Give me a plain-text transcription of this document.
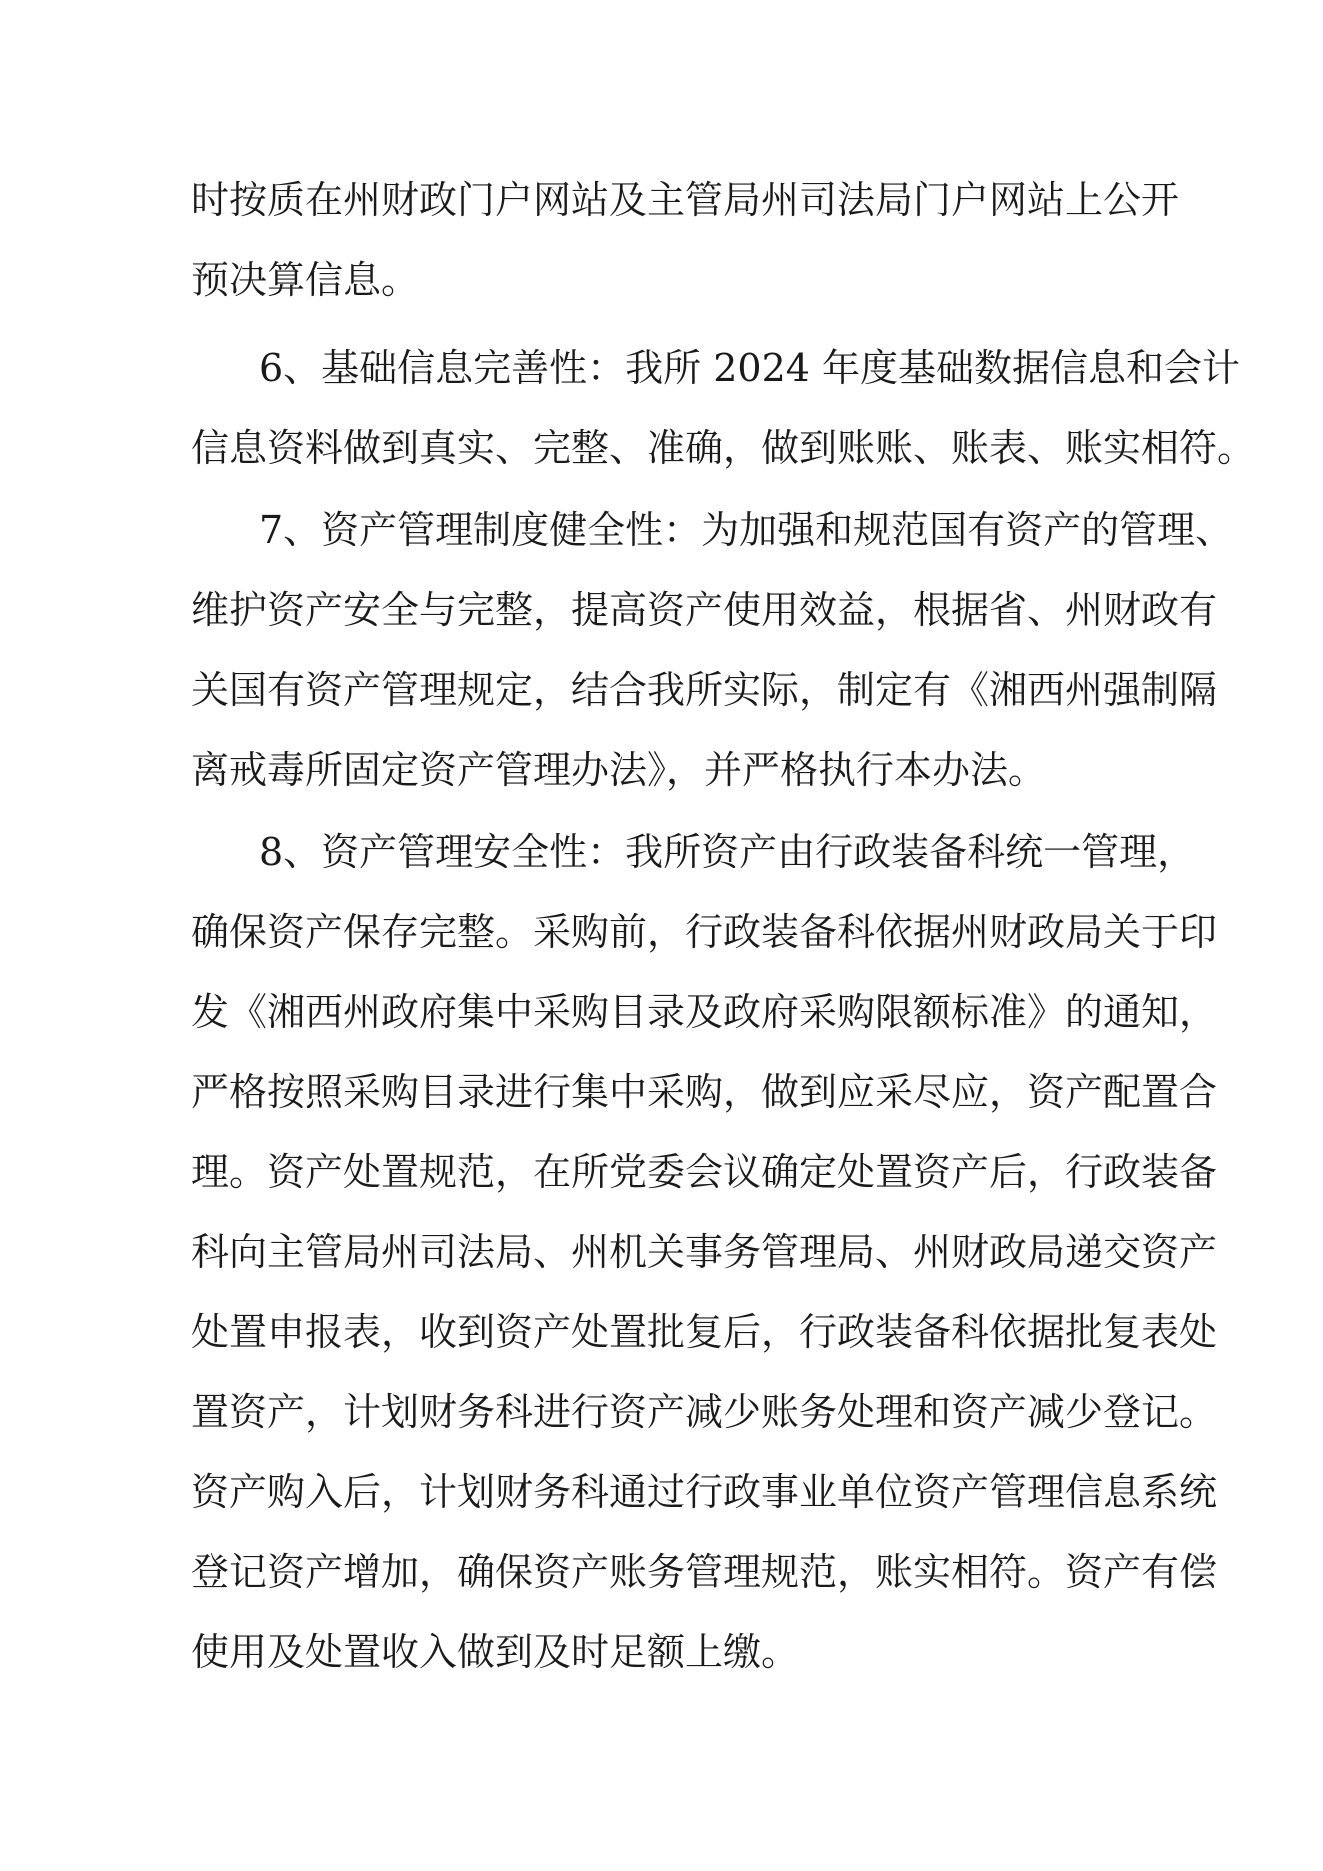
时按质在州财政门户网站及主管局州司法局门户网站上公开
预决算信息。
6、基础信息完善性：我所 2024 年度基础数据信息和会计
信息资料做到真实、完整、准确，做到账账、账表、账实相符。
7、资产管理制度健全性：为加强和规范国有资产的管理、
维护资产安全与完整，提高资产使用效益，根据省、州财政有
关国有资产管理规定，结合我所实际，制定有《湘西州强制隔
离戒毒所固定资产管理办法》，并严格执行本办法。
8、资产管理安全性：我所资产由行政装备科统一管理，
确保资产保存完整。采购前，行政装备科依据州财政局关于印
发《湘西州政府集中采购目录及政府采购限额标准》的通知，
严格按照采购目录进行集中采购，做到应采尽应，资产配置合
理。资产处置规范，在所党委会议确定处置资产后，行政装备
科向主管局州司法局、州机关事务管理局、州财政局递交资产
处置申报表，收到资产处置批复后，行政装备科依据批复表处
置资产，计划财务科进行资产减少账务处理和资产减少登记。
资产购入后，计划财务科通过行政事业单位资产管理信息系统
登记资产增加，确保资产账务管理规范，账实相符。资产有偿
使用及处置收入做到及时足额上缴。
